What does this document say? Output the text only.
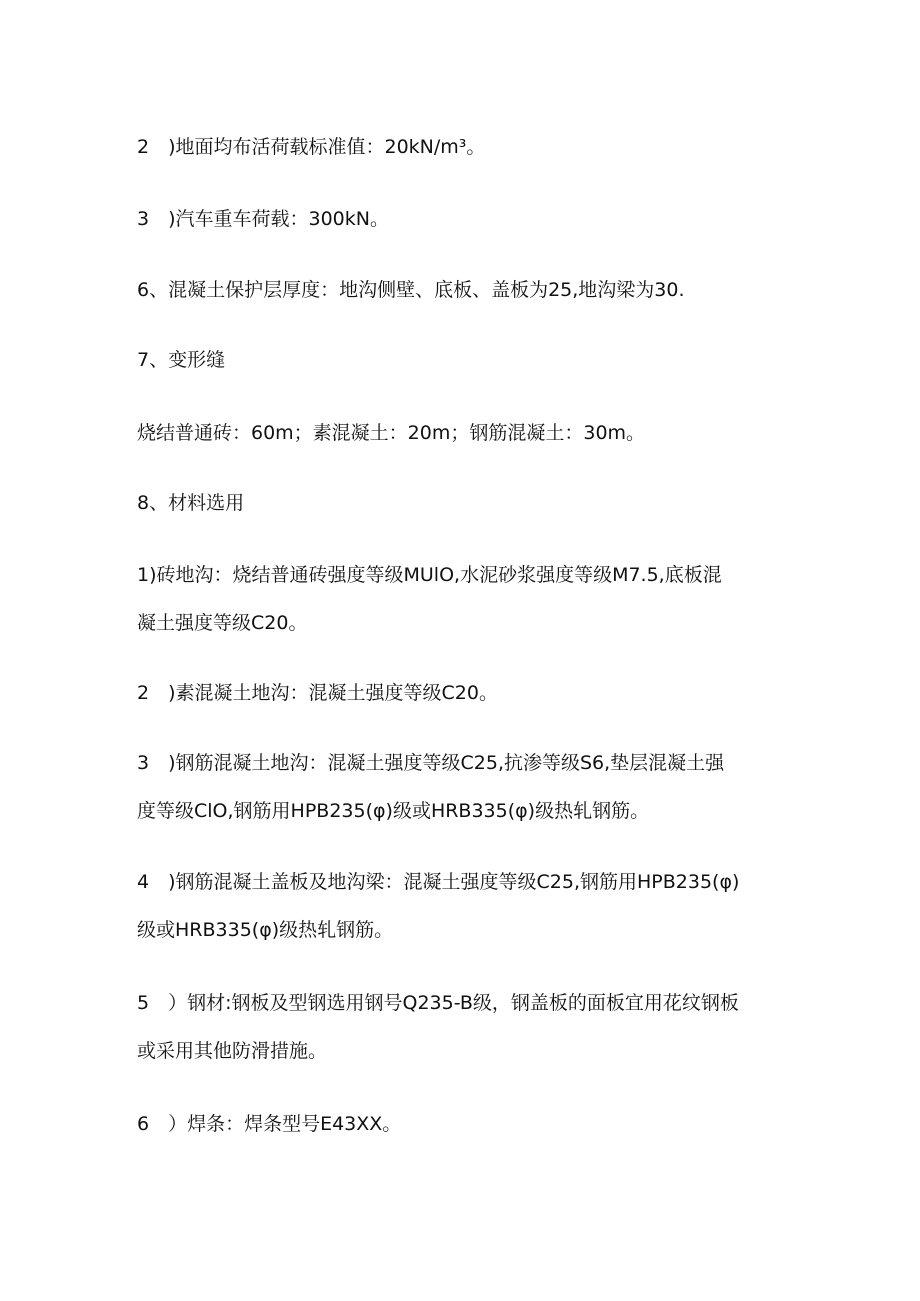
2　)地面均布活荷载标准值：20kN/m³。

3　)汽车重车荷载：300kN。

6、混凝土保护层厚度：地沟侧壁、底板、盖板为25,地沟梁为30.

7、变形缝

烧结普通砖：60m；素混凝土：20m；钢筋混凝土：30m。

8、材料选用

1)砖地沟：烧结普通砖强度等级MUlO,水泥砂浆强度等级M7.5,底板混

凝土强度等级C20。

2　)素混凝土地沟：混凝土强度等级C20。

3　)钢筋混凝土地沟：混凝土强度等级C25,抗渗等级S6,垫层混凝土强

度等级ClO,钢筋用HPB235(φ)级或HRB335(φ)级热轧钢筋。

4　)钢筋混凝土盖板及地沟梁：混凝土强度等级C25,钢筋用HPB235(φ)

级或HRB335(φ)级热轧钢筋。

5　）钢材:钢板及型钢选用钢号Q235-B级，钢盖板的面板宜用花纹钢板

或采用其他防滑措施。

6　）焊条：焊条型号E43XX。
